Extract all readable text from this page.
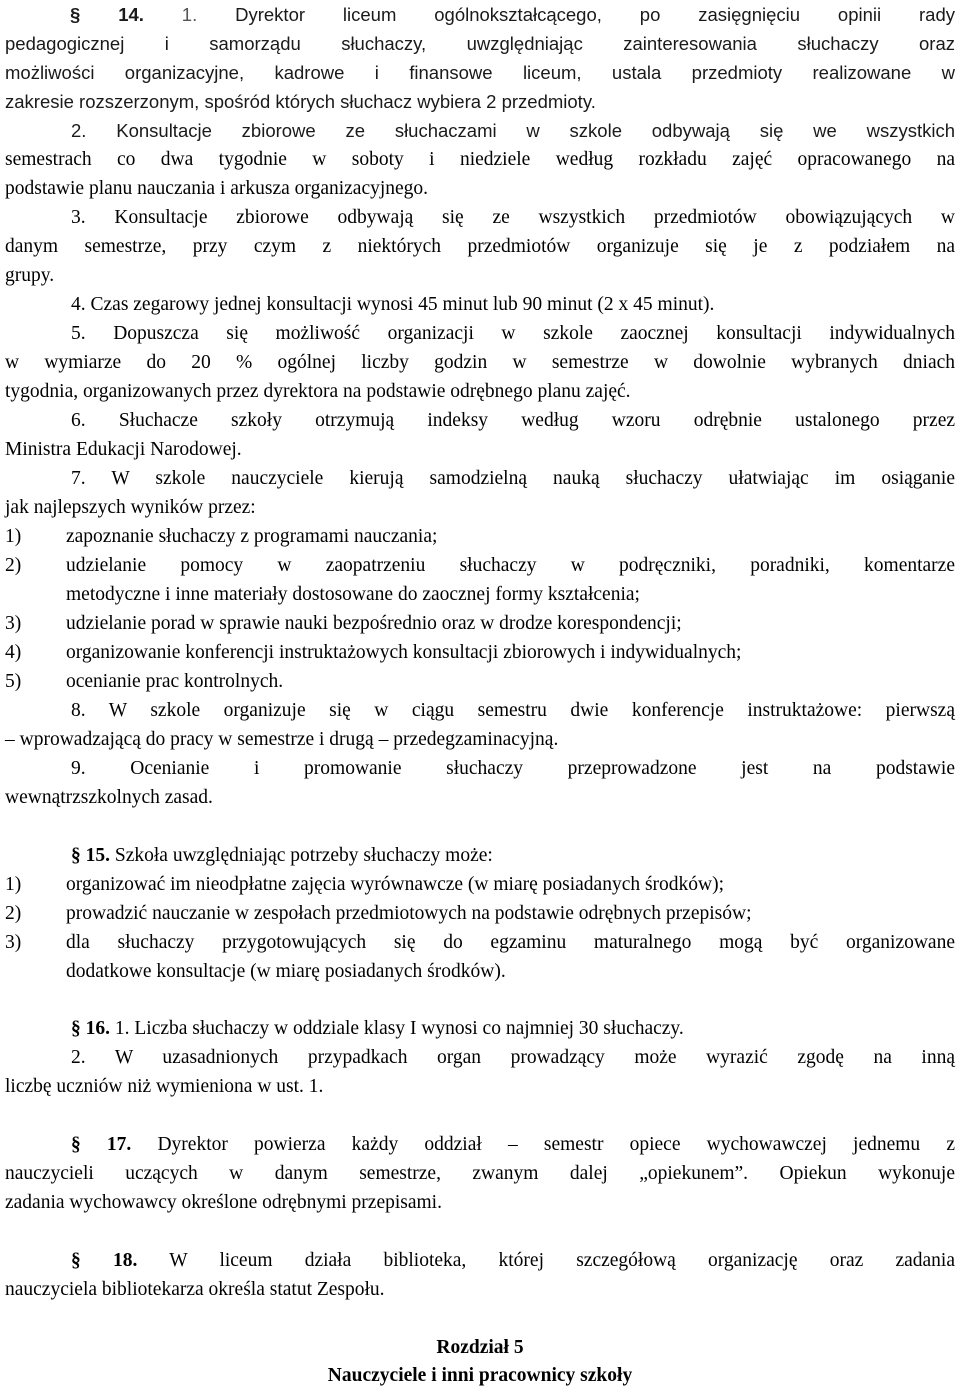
§ 14. 1. Dyrektor liceum ogólnokształcącego, po zasięgnięciu opinii rady
pedagogicznej i samorządu słuchaczy, uwzględniając zainteresowania słuchaczy oraz
możliwości organizacyjne, kadrowe i finansowe liceum, ustala przedmioty realizowane w
zakresie rozszerzonym, spośród których słuchacz wybiera 2 przedmioty.
2. Konsultacje zbiorowe ze słuchaczami w szkole odbywają się we wszystkich
semestrach co dwa tygodnie w soboty i niedziele według rozkładu zajęć opracowanego na
podstawie planu nauczania i arkusza organizacyjnego.
3. Konsultacje zbiorowe odbywają się ze wszystkich przedmiotów obowiązujących w
danym semestrze, przy czym z niektórych przedmiotów organizuje się je z podziałem na
grupy.
4. Czas zegarowy jednej konsultacji wynosi 45 minut lub 90 minut (2 x 45 minut).
5. Dopuszcza się możliwość organizacji w szkole zaocznej konsultacji indywidualnych
w wymiarze do 20 % ogólnej liczby godzin w semestrze w dowolnie wybranych dniach
tygodnia, organizowanych przez dyrektora na podstawie odrębnego planu zajęć.
6. Słuchacze szkoły otrzymują indeksy według wzoru odrębnie ustalonego przez
Ministra Edukacji Narodowej.
7. W szkole nauczyciele kierują samodzielną nauką słuchaczy ułatwiając im osiąganie
jak najlepszych wyników przez:
1) zapoznanie słuchaczy z programami nauczania;
2) udzielanie pomocy w zaopatrzeniu słuchaczy w podręczniki, poradniki, komentarze
metodyczne i inne materiały dostosowane do zaocznej formy kształcenia;
3) udzielanie porad w sprawie nauki bezpośrednio oraz w drodze korespondencji;
4) organizowanie konferencji instruktażowych konsultacji zbiorowych i indywidualnych;
5) ocenianie prac kontrolnych.
8. W szkole organizuje się w ciągu semestru dwie konferencje instruktażowe: pierwszą
– wprowadzającą do pracy w semestrze i drugą – przedegzaminacyjną.
9. Ocenianie i promowanie słuchaczy przeprowadzone jest na podstawie
wewnątrzszkolnych zasad.
§ 15. Szkoła uwzględniając potrzeby słuchaczy może:
1) organizować im nieodpłatne zajęcia wyrównawcze (w miarę posiadanych środków);
2) prowadzić nauczanie w zespołach przedmiotowych na podstawie odrębnych przepisów;
3) dla słuchaczy przygotowujących się do egzaminu maturalnego mogą być organizowane
dodatkowe konsultacje (w miarę posiadanych środków).
§ 16. 1. Liczba słuchaczy w oddziale klasy I wynosi co najmniej 30 słuchaczy.
2. W uzasadnionych przypadkach organ prowadzący może wyrazić zgodę na inną
liczbę uczniów niż wymieniona w ust. 1.
§ 17. Dyrektor powierza każdy oddział – semestr opiece wychowawczej jednemu z
nauczycieli uczących w danym semestrze, zwanym dalej „opiekunem”. Opiekun wykonuje
zadania wychowawcy określone odrębnymi przepisami.
§ 18. W liceum działa biblioteka, której szczegółową organizację oraz zadania
nauczyciela bibliotekarza określa statut Zespołu.
Rozdział 5
Nauczyciele i inni pracownicy szkoły
